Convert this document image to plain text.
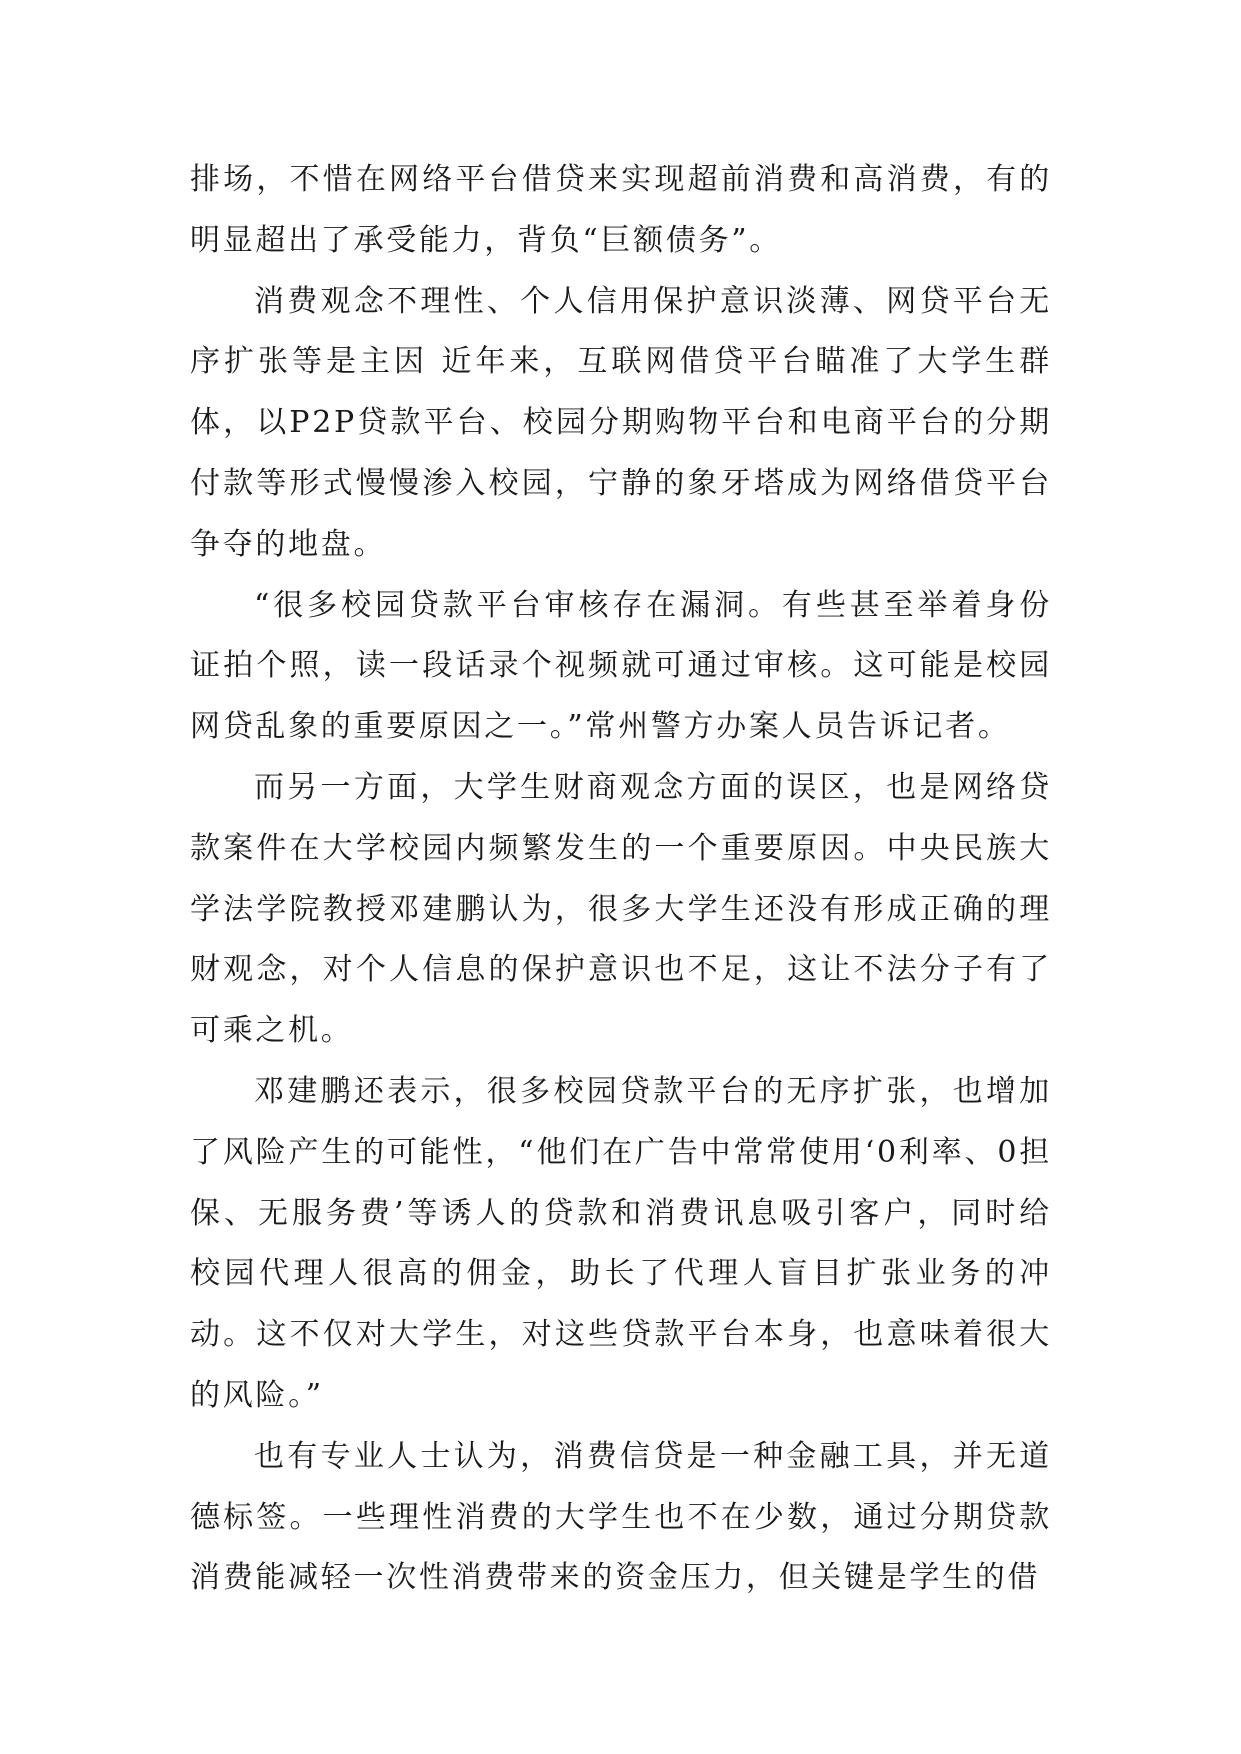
排场，不惜在网络平台借贷来实现超前消费和高消费，有的明显超出了承受能力，背负“巨额债务”。

消费观念不理性、个人信用保护意识淡薄、网贷平台无序扩张等是主因 近年来，互联网借贷平台瞄准了大学生群体，以P2P贷款平台、校园分期购物平台和电商平台的分期付款等形式慢慢渗入校园，宁静的象牙塔成为网络借贷平台争夺的地盘。

“很多校园贷款平台审核存在漏洞。有些甚至举着身份证拍个照，读一段话录个视频就可通过审核。这可能是校园网贷乱象的重要原因之一。”常州警方办案人员告诉记者。

而另一方面，大学生财商观念方面的误区，也是网络贷款案件在大学校园内频繁发生的一个重要原因。中央民族大学法学院教授邓建鹏认为，很多大学生还没有形成正确的理财观念，对个人信息的保护意识也不足，这让不法分子有了可乘之机。

邓建鹏还表示，很多校园贷款平台的无序扩张，也增加了风险产生的可能性，“他们在广告中常常使用‘0利率、0担保、无服务费’等诱人的贷款和消费讯息吸引客户，同时给校园代理人很高的佣金，助长了代理人盲目扩张业务的冲动。这不仅对大学生，对这些贷款平台本身，也意味着很大的风险。”

也有专业人士认为，消费信贷是一种金融工具，并无道德标签。一些理性消费的大学生也不在少数，通过分期贷款消费能减轻一次性消费带来的资金压力，但关键是学生的借
